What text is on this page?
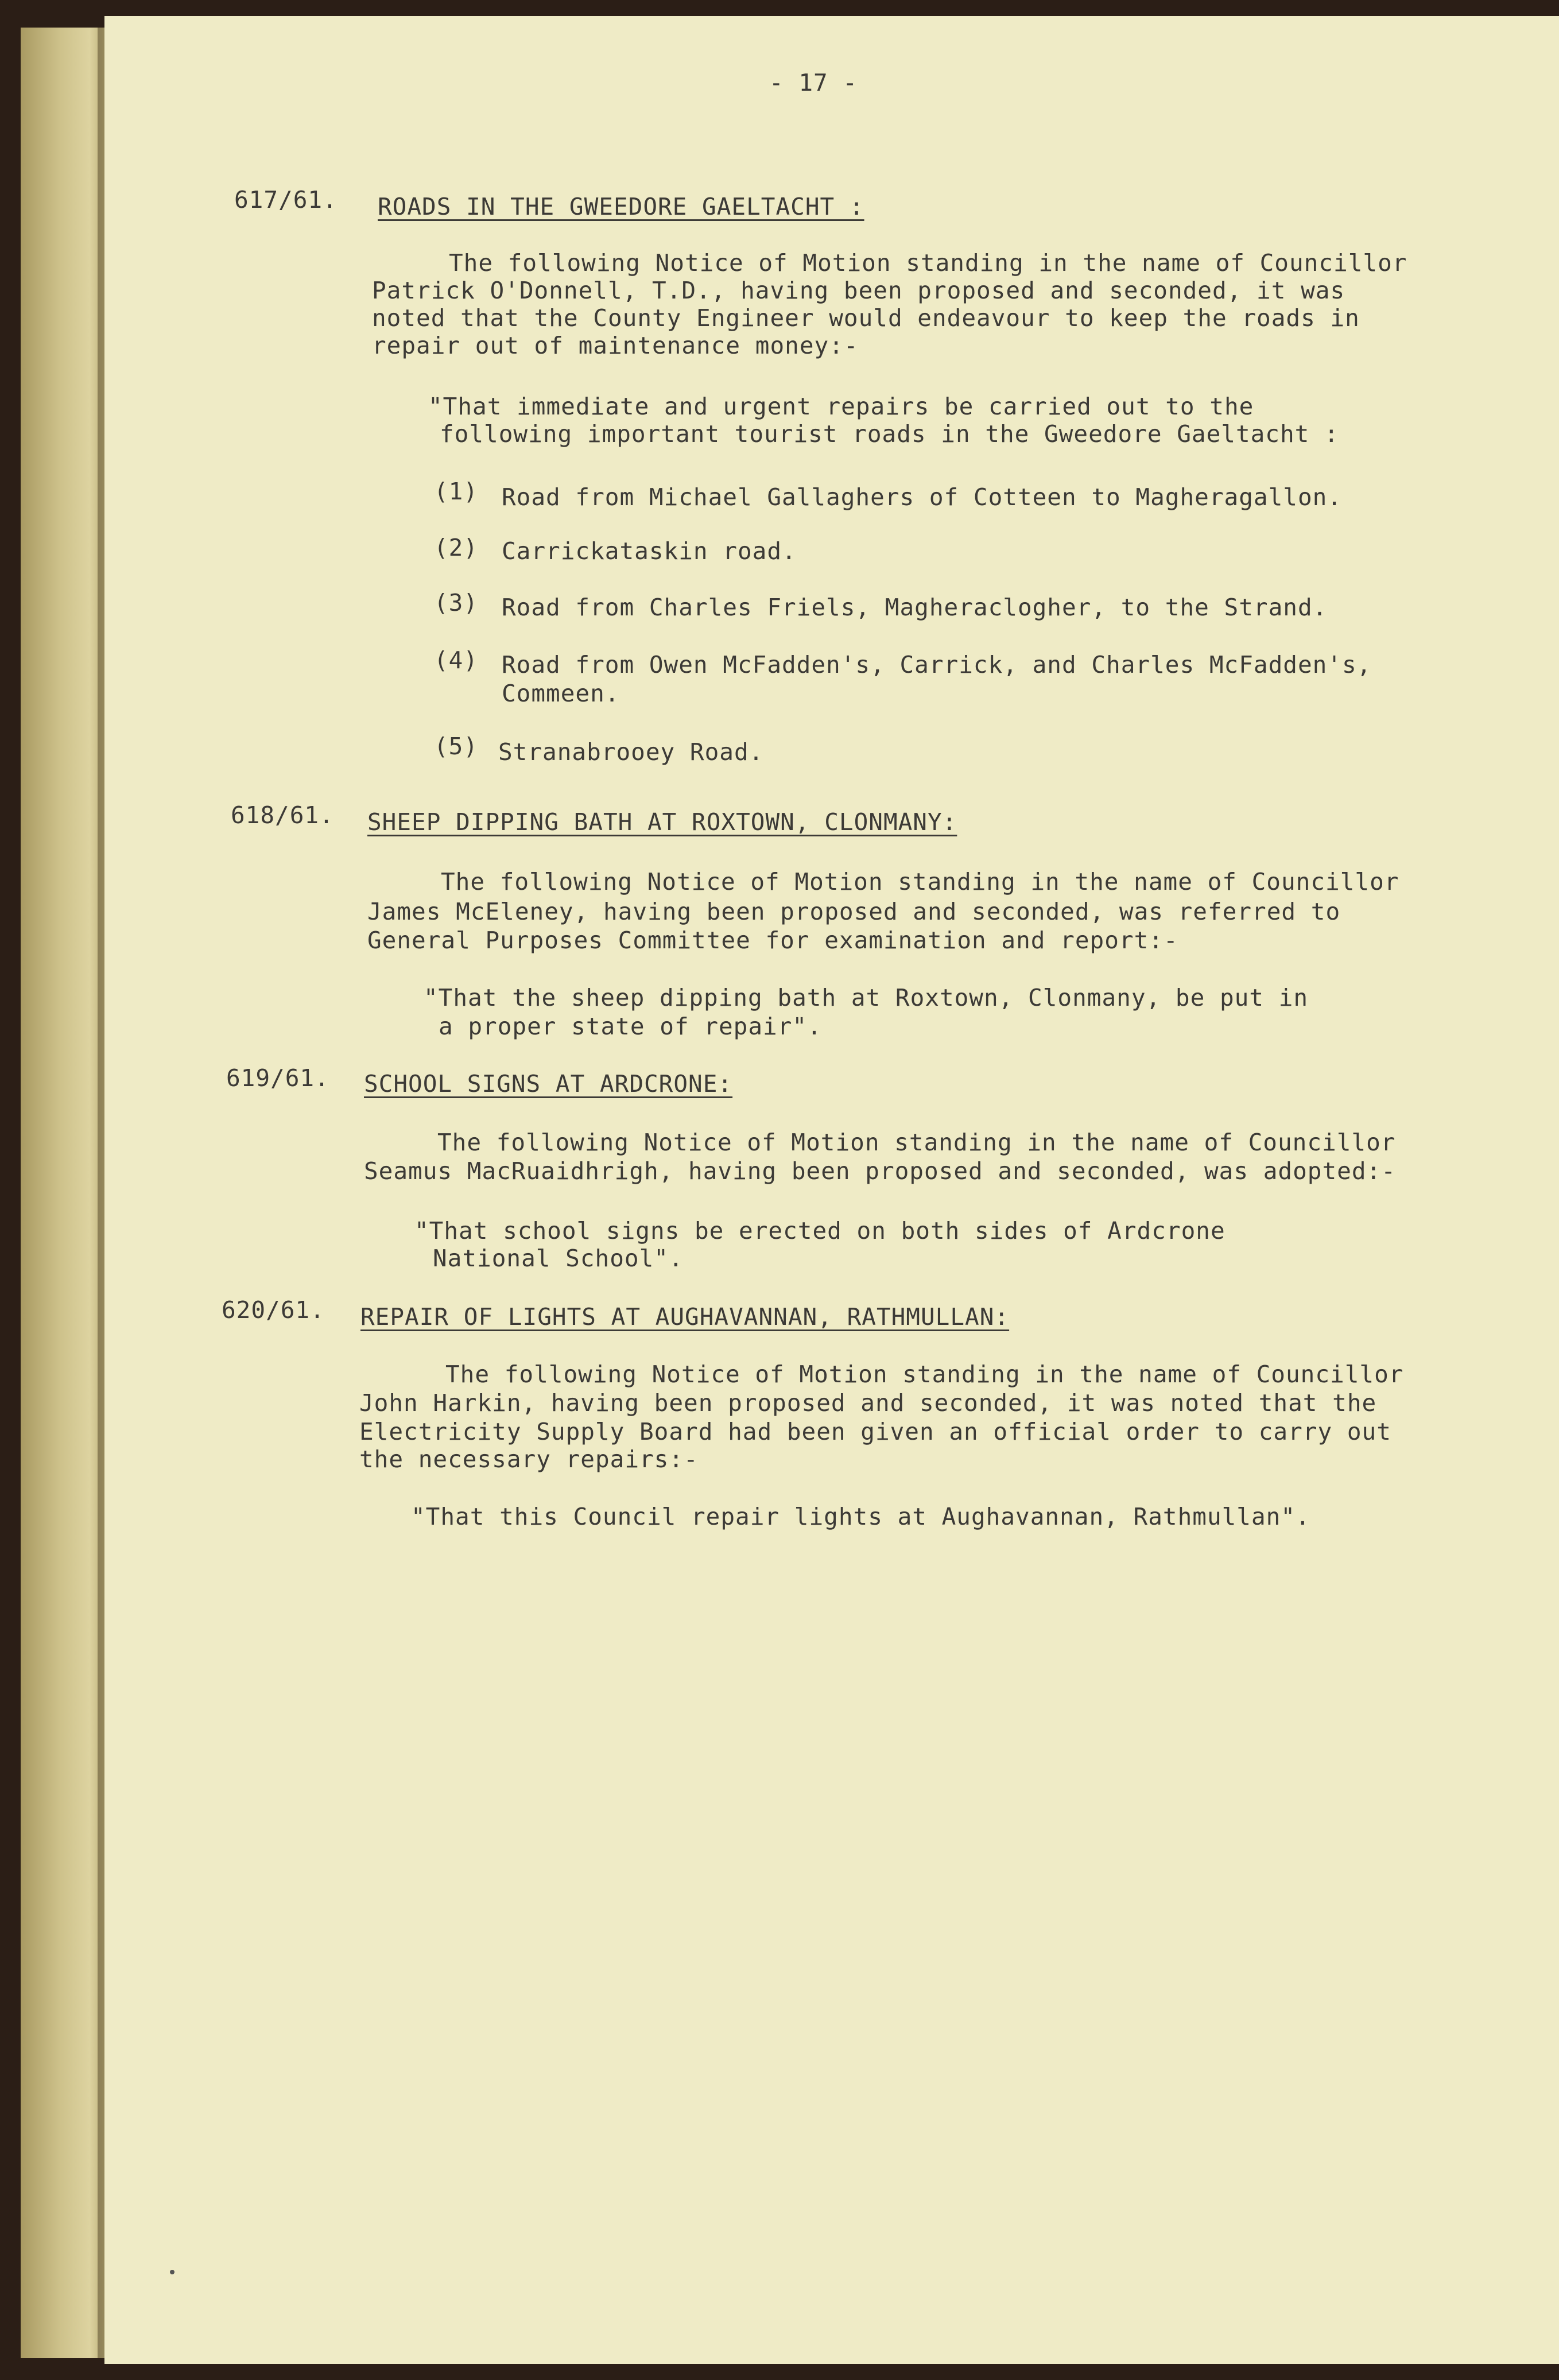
- 17 -
617/61. ROADS IN THE GWEEDORE GAELTACHT :
The following Notice of Motion standing in the name of Councillor
Patrick O'Donnell, T.D., having been proposed and seconded, it was
noted that the County Engineer would endeavour to keep the roads in
repair out of maintenance money:-
"That immediate and urgent repairs be carried out to the
following important tourist roads in the Gweedore Gaeltacht :
(1) Road from Michael Gallaghers of Cotteen to Magheragallon.
(2) Carrickataskin road.
(3) Road from Charles Friels, Magheraclogher, to the Strand.
(4) Road from Owen McFadden's, Carrick, and Charles McFadden's,
Commeen.
(5) Stranabrooey Road.
618/61. SHEEP DIPPING BATH AT ROXTOWN, CLONMANY:
The following Notice of Motion standing in the name of Councillor
James McEleney, having been proposed and seconded, was referred to
General Purposes Committee for examination and report:-
"That the sheep dipping bath at Roxtown, Clonmany, be put in
a proper state of repair".
619/61. SCHOOL SIGNS AT ARDCRONE:
The following Notice of Motion standing in the name of Councillor
Seamus MacRuaidhrigh, having been proposed and seconded, was adopted:-
"That school signs be erected on both sides of Ardcrone
National School".
620/61. REPAIR OF LIGHTS AT AUGHAVANNAN, RATHMULLAN:
The following Notice of Motion standing in the name of Councillor
John Harkin, having been proposed and seconded, it was noted that the
Electricity Supply Board had been given an official order to carry out
the necessary repairs:-
"That this Council repair lights at Aughavannan, Rathmullan".
